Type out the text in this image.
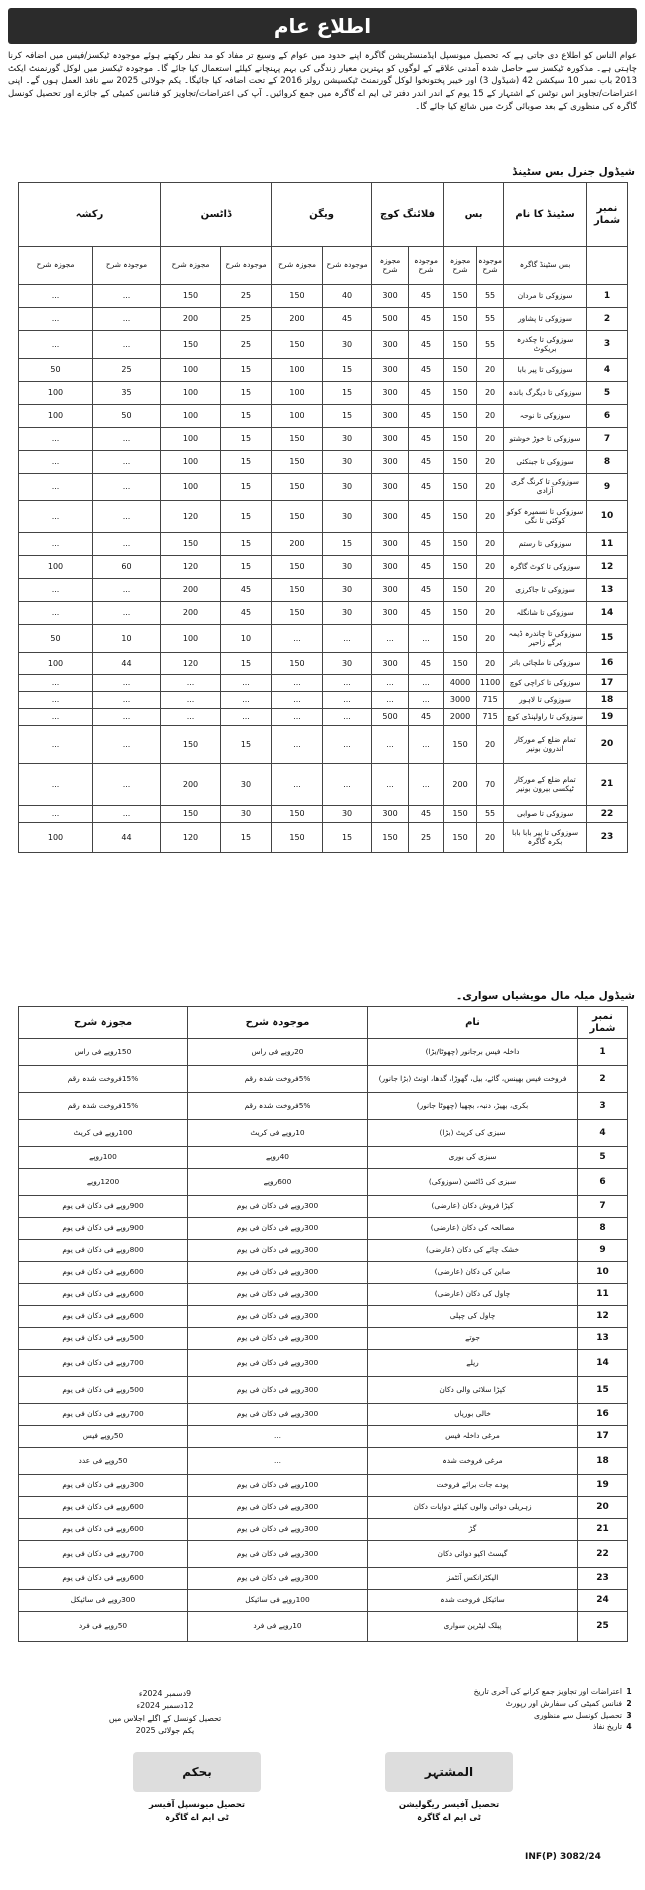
اطلاع عام
عوام الناس کو اطلاع دی جاتی ہے کہ تحصیل میونسپل ایڈمنسٹریشن گاگرہ اپنے حدود میں عوام کے وسیع تر مفاد کو مد نظر رکھتے ہوئے موجودہ ٹیکسز/فیس میں اضافہ کرنا چاہتی ہے۔ مذکورہ ٹیکسز سے حاصل شدہ آمدنی علاقے کے لوگوں کو بہترین معیار زندگی کی بہم پہنچانے کیلئے استعمال کیا جائے گا۔ موجودہ ٹیکسز میں لوکل گورنمنٹ ایکٹ 2013 باب نمبر 10 سیکشن 42 (شیڈول 3) اور خیبر پختونخوا لوکل گورنمنٹ ٹیکسیشن رولز 2016 کے تحت اضافہ کیا جائیگا۔ یکم جولائی 2025 سے نافذ العمل ہوں گے۔ اپنی اعتراضات/تجاویز اس نوٹس کے اشتہار کے 15 یوم کے اندر اندر دفتر ٹی ایم اے گاگرہ میں جمع کروائیں۔ آپ کی اعتراضات/تجاویز کو فنانس کمیٹی کے جائزے اور تحصیل کونسل گاگرہ کی منظوری کے بعد صوبائی گزٹ میں شائع کیا جائے گا۔
شیڈول جنرل بس سٹینڈ
نمبر شمار	سٹینڈ کا نام	بس		فلائنگ کوچ		ویگن		ڈاٹسن		رکشہ	
	بس سٹینڈ گاگرہ	موجودہ شرح	مجوزہ شرح	موجودہ شرح	مجوزہ شرح	موجودہ شرح	مجوزہ شرح	موجودہ شرح	مجوزہ شرح	موجودہ شرح	مجوزہ شرح
1	سوزوکی تا مردان	55	150	45	300	40	150	25	150	...	...
2	سوزوکی تا پشاور	55	150	45	500	45	200	25	200	...	...
3	سوزوکی تا چکدرہ بریکوٹ	55	150	45	300	30	150	25	150	...	...
4	سوزوکی تا پیر بابا	20	150	45	300	15	100	15	100	25	50
5	سوزوکی تا دیگرگ باندہ	20	150	45	300	15	100	15	100	35	100
6	سوزوکی تا نوحہ	20	150	45	300	15	100	15	100	50	100
7	سوزوکی تا خوڑ خوشتو	20	150	45	300	30	150	15	100	...	...
8	سوزوکی تا جبنکئی	20	150	45	300	30	150	15	100	...	...
9	سوزوکی تا کرنگ گری آزادی	20	150	45	300	30	150	15	100	...	...
10	سوزوکی تا نسمیرہ کوکو کوکئی تا نگی	20	150	45	300	30	150	15	120	...	...
11	سوزوکی تا رستم	20	150	45	300	15	200	15	150	...	...
12	سوزوکی تا کوٹ گاگرہ	20	150	45	300	30	150	15	120	60	100
13	سوزوکی تا جاکرزی	20	150	45	300	30	150	45	200	...	...
14	سوزوکی تا شانگلہ	20	150	45	300	30	150	45	200	...	...
15	سوزوکی تا چاندرہ ڈیمہ برگے زاحیر	20	150	...	...	...	...	10	100	10	50
16	سوزوکی تا ملچائی باتر	20	150	45	300	30	150	15	120	44	100
17	سوزوکی تا کراچی کوچ	1100	4000	...	...	...	...	...	...	...	...
18	سوزوکی تا لاہور	715	3000	...	...	...	...	...	...	...	...
19	سوزوکی تا راولپنڈی کوچ	715	2000	45	500	...	...	...	...	...	...
20	تمام ضلع کے مورکار اندرون بونیر	20	150	...	...	...	...	15	150	...	...
21	تمام ضلع کے مورکار ٹیکسی بیرون بونیر	70	200	...	...	...	...	30	200	...	...
22	سوزوکی تا صوابی	55	150	45	300	30	150	30	150	...	...
23	سوزوکی تا پیر بابا بابا بکرہ گاگرہ	20	150	25	150	15	150	15	120	44	100
شیڈول میلہ مال مویشیاں سواری۔
نمبر شمار	نام	موجودہ شرح	مجوزہ شرح
1	داخلہ فیس برجانور (چھوٹا/بڑا)	20روپے فی راس	150روپے فی راس
2	فروخت فیس بھینس، گائے، بیل، گھوڑا، گدھا، اونٹ (بڑا جانور)	5%فروخت شدہ رقم	15%فروخت شدہ رقم
3	بکری، بھیڑ، دنبہ، بچھیا (چھوٹا جانور)	5%فروخت شدہ رقم	15%فروخت شدہ رقم
4	سبزی کی کریٹ (بڑا)	10روپے فی کریٹ	100روپے فی کریٹ
5	سبزی کی بوری	40روپے	100روپے
6	سبزی کی ڈاٹسن (سوزوکی)	600روپے	1200روپے
7	کپڑا فروش دکان (عارضی)	300روپے فی دکان فی یوم	900روپے فی دکان فی یوم
8	مصالحہ کی دکان (عارضی)	300روپے فی دکان فی یوم	900روپے فی دکان فی یوم
9	خشک چائے کی دکان (عارضی)	300روپے فی دکان فی یوم	800روپے فی دکان فی یوم
10	صابن کی دکان (عارضی)	300روپے فی دکان فی یوم	600روپے فی دکان فی یوم
11	چاول کی دکان (عارضی)	300روپے فی دکان فی یوم	600روپے فی دکان فی یوم
12	چاول کی چپلی	300روپے فی دکان فی یوم	600روپے فی دکان فی یوم
13	جوتے	300روپے فی دکان فی یوم	500روپے فی دکان فی یوم
14	ریلے	300روپے فی دکان فی یوم	700روپے فی دکان فی یوم
15	کپڑا سلائی والی دکان	300روپے فی دکان فی یوم	500روپے فی دکان فی یوم
16	خالی بوریاں	300روپے فی دکان فی یوم	700روپے فی دکان فی یوم
17	مرغی داخلہ فیس	...	50روپے فیس
18	مرغی فروخت شدہ	...	50روپے فی عدد
19	پودے جات برائے فروخت	100روپے فی دکان فی یوم	300روپے فی دکان فی یوم
20	زہریلی دوائی والوں کیلئے دوایات دکان	300روپے فی دکان فی یوم	600روپے فی دکان فی یوم
21	گڑ	300روپے فی دکان فی یوم	600روپے فی دکان فی یوم
22	گیسٹ اکیو دوائی دکان	300روپے فی دکان فی یوم	700روپے فی دکان فی یوم
23	الیکٹرانکس آئٹمز	300روپے فی دکان فی یوم	600روپے فی دکان فی یوم
24	سائیکل فروخت شدہ	100روپے فی سائیکل	300روپے فی سائیکل
25	پبلک لیٹرین سواری	10روپے فی فرد	50روپے فی فرد
1
اعتراضات اور تجاویز جمع کرانے کی آخری تاریخ
2
فنانس کمیٹی کی سفارش اور رپورٹ
3
تحصیل کونسل سے منظوری
4
تاریخ نفاذ
9دسمبر 2024ء
12دسمبر 2024ء
تحصیل کونسل کے اگلے اجلاس میں
یکم جولائی 2025
بحکم	المشتہر
تحصیل میونسپل آفیسر
ٹی ایم اے گاگرہ
تحصیل آفیسر ریگولیشن
ٹی ایم اے گاگرہ
INF(P) 3082/24
